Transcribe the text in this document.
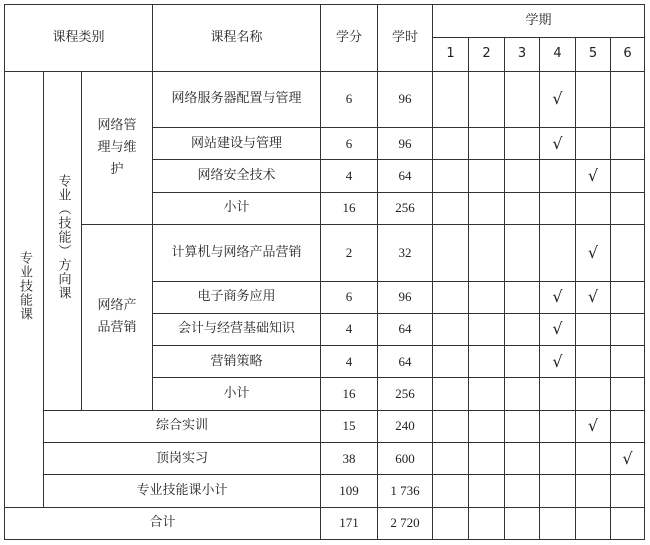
课程类别			课程名称	学分	学时	学期					
						1	2	3	4	5	6
专业技能课	专业（技能）方向课	网络管理与维护	网络服务器配置与管理	6	96				√		
			网站建设与管理	6	96				√		
			网络安全技术	4	64					√	
			小计	16	256						
		网络产品营销	计算机与网络产品营销	2	32					√	
			电子商务应用	6	96				√	√	
			会计与经营基础知识	4	64				√		
			营销策略	4	64				√		
			小计	16	256						
	综合实训			15	240					√	
	顶岗实习			38	600						√
	专业技能课小计			109	1 736						
合计				171	2 720						
